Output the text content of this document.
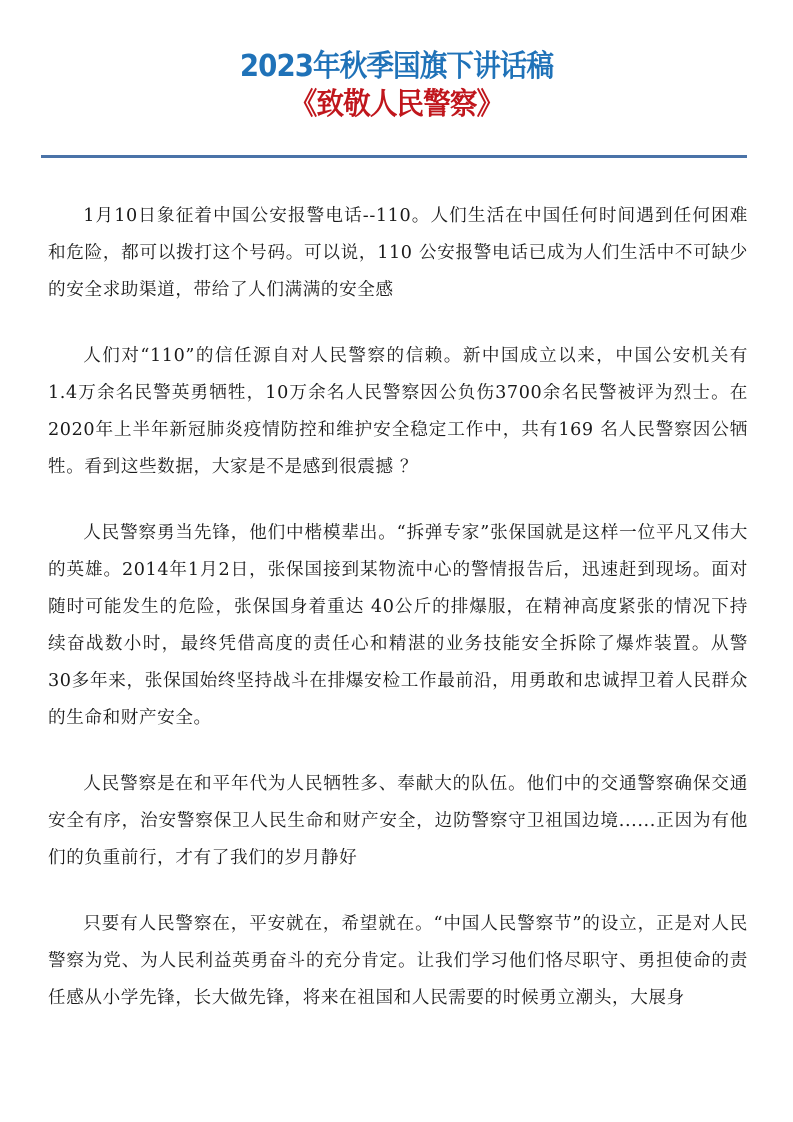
2023年秋季国旗下讲话稿
《致敬人民警察》

1月10日象征着中国公安报警电话--110。人们生活在中国任何时间遇到任何困难和危险，都可以拨打这个号码。可以说，110 公安报警电话已成为人们生活中不可缺少的安全求助渠道，带给了人们满满的安全感

人们对“110”的信任源自对人民警察的信赖。新中国成立以来，中国公安机关有1.4万余名民警英勇牺牲，10万余名人民警察因公负伤3700余名民警被评为烈士。在2020年上半年新冠肺炎疫情防控和维护安全稳定工作中，共有169 名人民警察因公牺牲。看到这些数据，大家是不是感到很震撼 ？

人民警察勇当先锋，他们中楷模辈出。“拆弹专家”张保国就是这样一位平凡又伟大的英雄。2014年1月2日，张保国接到某物流中心的警情报告后，迅速赶到现场。面对随时可能发生的危险，张保国身着重达 40公斤的排爆服，在精神高度紧张的情况下持续奋战数小时，最终凭借高度的责任心和精湛的业务技能安全拆除了爆炸装置。从警 30多年来，张保国始终坚持战斗在排爆安检工作最前沿，用勇敢和忠诚捍卫着人民群众的生命和财产安全。

人民警察是在和平年代为人民牺牲多、奉献大的队伍。他们中的交通警察确保交通安全有序，治安警察保卫人民生命和财产安全，边防警察守卫祖国边境......正因为有他们的负重前行，才有了我们的岁月静好

只要有人民警察在，平安就在，希望就在。“中国人民警察节”的设立，正是对人民警察为党、为人民利益英勇奋斗的充分肯定。让我们学习他们恪尽职守、勇担使命的责任感从小学先锋，长大做先锋，将来在祖国和人民需要的时候勇立潮头，大展身
